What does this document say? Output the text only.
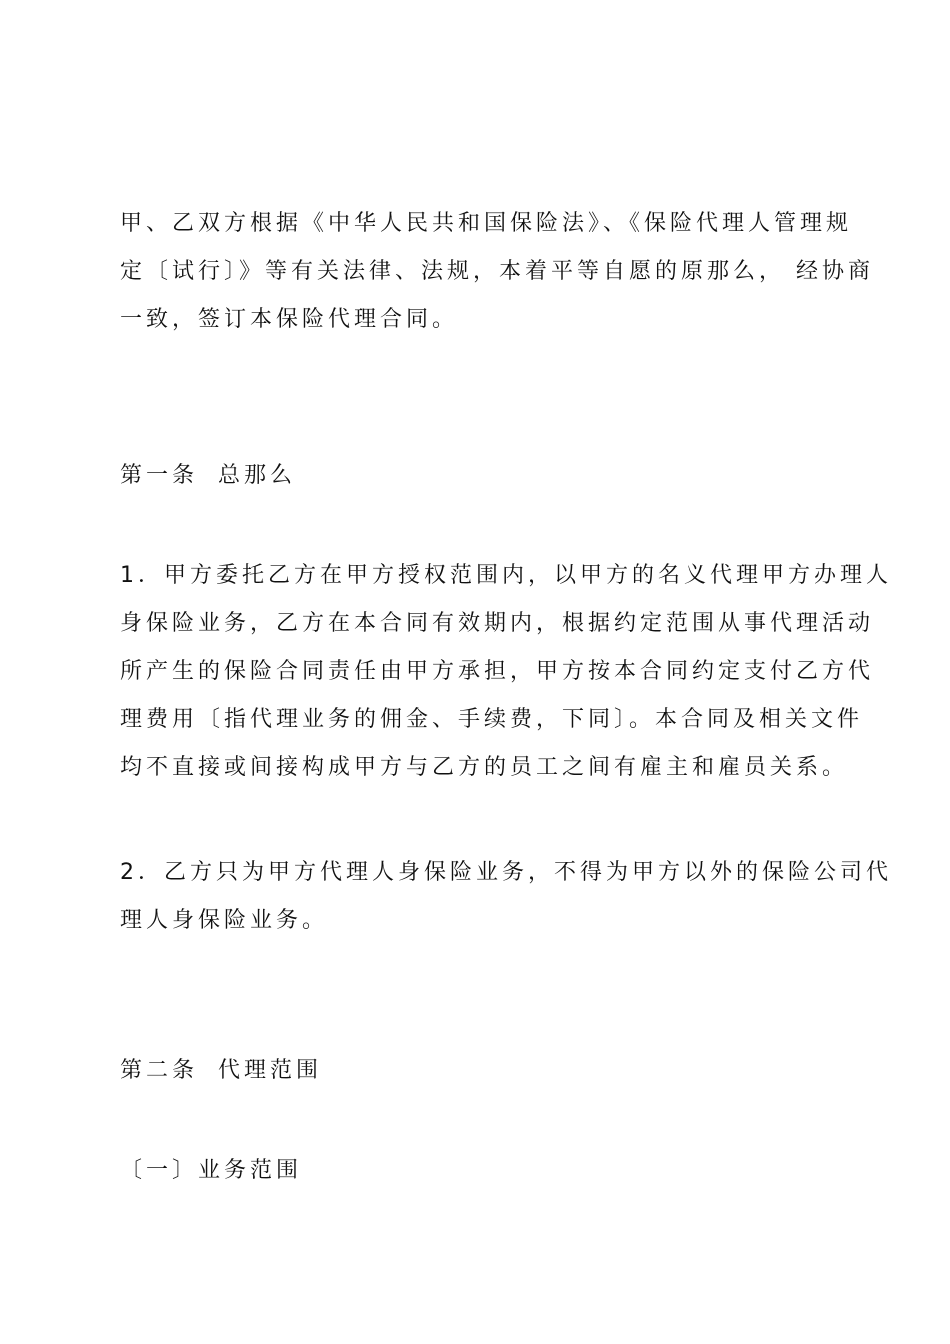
甲、乙双方根据《中华人民共和国保险法》、《保险代理人管理规
定〔试行〕》等有关法律、法规，本着平等自愿的原那么， 经协商
一致，签订本保险代理合同。
第一条 总那么
1．甲方委托乙方在甲方授权范围内，以甲方的名义代理甲方办理人
身保险业务，乙方在本合同有效期内，根据约定范围从事代理活动
所产生的保险合同责任由甲方承担，甲方按本合同约定支付乙方代
理费用〔指代理业务的佣金、手续费，下同〕。本合同及相关文件
均不直接或间接构成甲方与乙方的员工之间有雇主和雇员关系。
2．乙方只为甲方代理人身保险业务，不得为甲方以外的保险公司代
理人身保险业务。
第二条 代理范围
〔一〕业务范围
